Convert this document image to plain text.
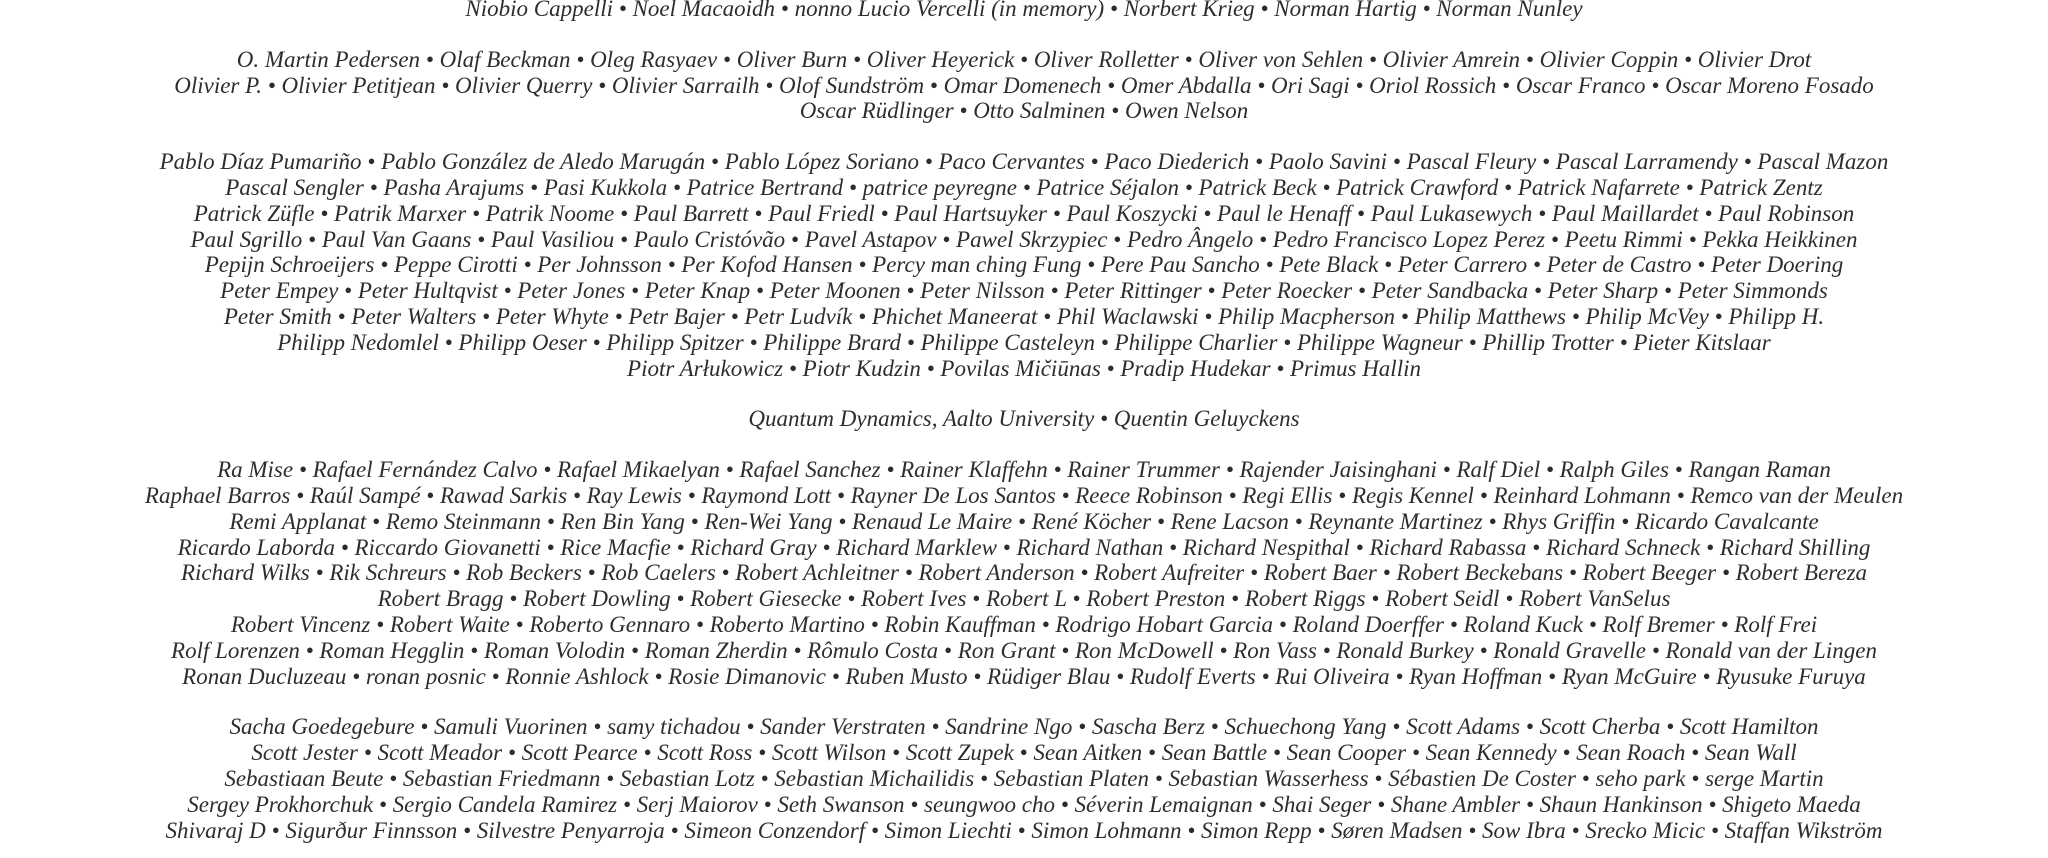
Niobio Cappelli • Noel Macaoidh • nonno Lucio Vercelli (in memory) • Norbert Krieg • Norman Hartig • Norman Nunley
O. Martin Pedersen • Olaf Beckman • Oleg Rasyaev • Oliver Burn • Oliver Heyerick • Oliver Rolletter • Oliver von Sehlen • Olivier Amrein • Olivier Coppin • Olivier Drot
Olivier P. • Olivier Petitjean • Olivier Querry • Olivier Sarrailh • Olof Sundström • Omar Domenech • Omer Abdalla • Ori Sagi • Oriol Rossich • Oscar Franco • Oscar Moreno Fosado
Oscar Rüdlinger • Otto Salminen • Owen Nelson
Pablo Díaz Pumariño • Pablo González de Aledo Marugán • Pablo López Soriano • Paco Cervantes • Paco Diederich • Paolo Savini • Pascal Fleury • Pascal Larramendy • Pascal Mazon
Pascal Sengler • Pasha Arajums • Pasi Kukkola • Patrice Bertrand • patrice peyregne • Patrice Séjalon • Patrick Beck • Patrick Crawford • Patrick Nafarrete • Patrick Zentz
Patrick Züfle • Patrik Marxer • Patrik Noome • Paul Barrett • Paul Friedl • Paul Hartsuyker • Paul Koszycki • Paul le Henaff • Paul Lukasewych • Paul Maillardet • Paul Robinson
Paul Sgrillo • Paul Van Gaans • Paul Vasiliou • Paulo Cristóvão • Pavel Astapov • Pawel Skrzypiec • Pedro Ângelo • Pedro Francisco Lopez Perez • Peetu Rimmi • Pekka Heikkinen
Pepijn Schroeijers • Peppe Cirotti • Per Johnsson • Per Kofod Hansen • Percy man ching Fung • Pere Pau Sancho • Pete Black • Peter Carrero • Peter de Castro • Peter Doering
Peter Empey • Peter Hultqvist • Peter Jones • Peter Knap • Peter Moonen • Peter Nilsson • Peter Rittinger • Peter Roecker • Peter Sandbacka • Peter Sharp • Peter Simmonds
Peter Smith • Peter Walters • Peter Whyte • Petr Bajer • Petr Ludvík • Phichet Maneerat • Phil Waclawski • Philip Macpherson • Philip Matthews • Philip McVey • Philipp H.
Philipp Nedomlel • Philipp Oeser • Philipp Spitzer • Philippe Brard • Philippe Casteleyn • Philippe Charlier • Philippe Wagneur • Phillip Trotter • Pieter Kitslaar
Piotr Arłukowicz • Piotr Kudzin • Povilas Mičiūnas • Pradip Hudekar • Primus Hallin
Quantum Dynamics, Aalto University • Quentin Geluyckens
Ra Mise • Rafael Fernández Calvo • Rafael Mikaelyan • Rafael Sanchez • Rainer Klaffehn • Rainer Trummer • Rajender Jaisinghani • Ralf Diel • Ralph Giles • Rangan Raman
Raphael Barros • Raúl Sampé • Rawad Sarkis • Ray Lewis • Raymond Lott • Rayner De Los Santos • Reece Robinson • Regi Ellis • Regis Kennel • Reinhard Lohmann • Remco van der Meulen
Remi Applanat • Remo Steinmann • Ren Bin Yang • Ren-Wei Yang • Renaud Le Maire • René Köcher • Rene Lacson • Reynante Martinez • Rhys Griffin • Ricardo Cavalcante
Ricardo Laborda • Riccardo Giovanetti • Rice Macfie • Richard Gray • Richard Marklew • Richard Nathan • Richard Nespithal • Richard Rabassa • Richard Schneck • Richard Shilling
Richard Wilks • Rik Schreurs • Rob Beckers • Rob Caelers • Robert Achleitner • Robert Anderson • Robert Aufreiter • Robert Baer • Robert Beckebans • Robert Beeger • Robert Bereza
Robert Bragg • Robert Dowling • Robert Giesecke • Robert Ives • Robert L • Robert Preston • Robert Riggs • Robert Seidl • Robert VanSelus
Robert Vincenz • Robert Waite • Roberto Gennaro • Roberto Martino • Robin Kauffman • Rodrigo Hobart Garcia • Roland Doerffer • Roland Kuck • Rolf Bremer • Rolf Frei
Rolf Lorenzen • Roman Hegglin • Roman Volodin • Roman Zherdin • Rômulo Costa • Ron Grant • Ron McDowell • Ron Vass • Ronald Burkey • Ronald Gravelle • Ronald van der Lingen
Ronan Ducluzeau • ronan posnic • Ronnie Ashlock • Rosie Dimanovic • Ruben Musto • Rüdiger Blau • Rudolf Everts • Rui Oliveira • Ryan Hoffman • Ryan McGuire • Ryusuke Furuya
Sacha Goedegebure • Samuli Vuorinen • samy tichadou • Sander Verstraten • Sandrine Ngo • Sascha Berz • Schuechong Yang • Scott Adams • Scott Cherba • Scott Hamilton
Scott Jester • Scott Meador • Scott Pearce • Scott Ross • Scott Wilson • Scott Zupek • Sean Aitken • Sean Battle • Sean Cooper • Sean Kennedy • Sean Roach • Sean Wall
Sebastiaan Beute • Sebastian Friedmann • Sebastian Lotz • Sebastian Michailidis • Sebastian Platen • Sebastian Wasserhess • Sébastien De Coster • seho park • serge Martin
Sergey Prokhorchuk • Sergio Candela Ramirez • Serj Maiorov • Seth Swanson • seungwoo cho • Séverin Lemaignan • Shai Seger • Shane Ambler • Shaun Hankinson • Shigeto Maeda
Shivaraj D • Sigurður Finnsson • Silvestre Penyarroja • Simeon Conzendorf • Simon Liechti • Simon Lohmann • Simon Repp • Søren Madsen • Sow Ibra • Srecko Micic • Staffan Wikström
